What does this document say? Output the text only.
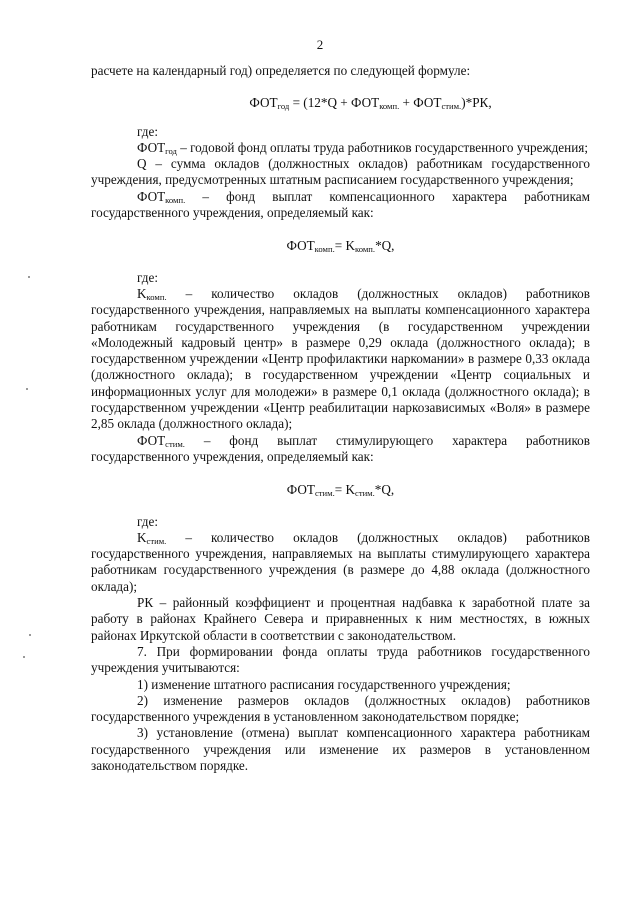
2

расчете на календарный год) определяется по следующей формуле:

$ФОТ_{год} = (12*Q + ФОТ_{комп.} + ФОТ_{стим.})*РК$,

где:

$ФОТ_{год}$ – годовой фонд оплаты труда работников государственного учреждения;

Q – сумма окладов (должностных окладов) работникам государственного учреждения, предусмотренных штатным расписанием государственного учреждения;

$ФОТ_{комп.}$ – фонд выплат компенсационного характера работникам государственного учреждения, определяемый как:

$ФОТ_{комп.}= K_{комп.}*Q$,

где:

$K_{комп.}$ – количество окладов (должностных окладов) работников государственного учреждения, направляемых на выплаты компенсационного характера работникам государственного учреждения (в государственном учреждении «Молодежный кадровый центр» в размере 0,29 оклада (должностного оклада); в государственном учреждении «Центр профилактики наркомании» в размере 0,33 оклада (должностного оклада); в государственном учреждении «Центр социальных и информационных услуг для молодежи» в размере 0,1 оклада (должностного оклада); в государственном учреждении «Центр реабилитации наркозависимых «Воля» в размере 2,85 оклада (должностного оклада);

$ФОТ_{стим.}$ – фонд выплат стимулирующего характера работников государственного учреждения, определяемый как:

$ФОТ_{стим.}= K_{стим.}*Q$,

где:

$K_{стим.}$ – количество окладов (должностных окладов) работников государственного учреждения, направляемых на выплаты стимулирующего характера работникам государственного учреждения (в размере до 4,88 оклада (должностного оклада);

РК – районный коэффициент и процентная надбавка к заработной плате за работу в районах Крайнего Севера и приравненных к ним местностях, в южных районах Иркутской области в соответствии с законодательством.

7. При формировании фонда оплаты труда работников государственного учреждения учитываются:

1) изменение штатного расписания государственного учреждения;

2) изменение размеров окладов (должностных окладов) работников государственного учреждения в установленном законодательством порядке;

3) установление (отмена) выплат компенсационного характера работникам государственного учреждения или изменение их размеров в установленном законодательством порядке.
